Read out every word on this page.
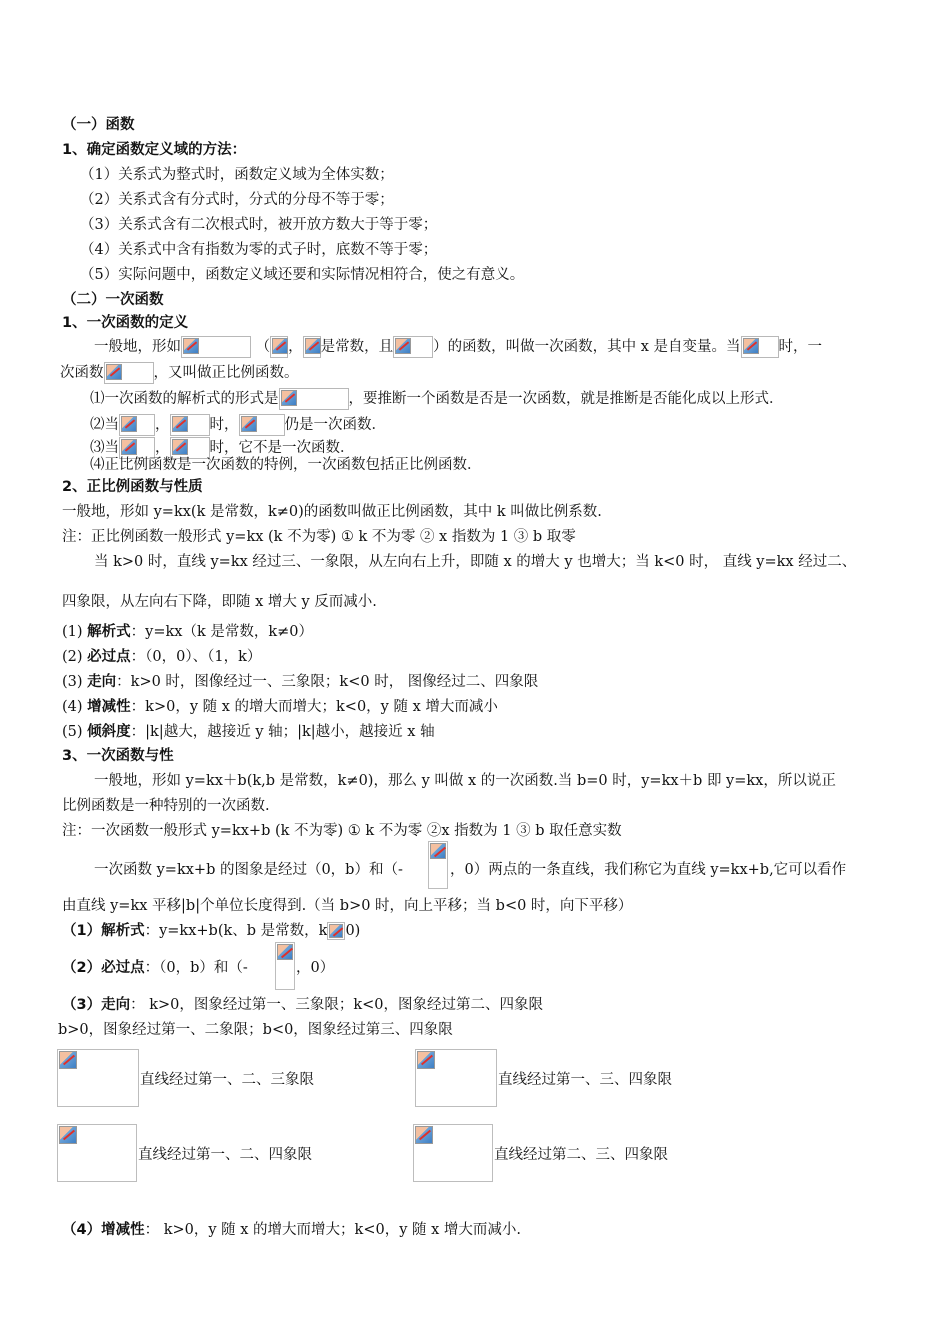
（一）函数
1、确定函数定义域的方法：
（1）关系式为整式时，函数定义域为全体实数；
（2）关系式含有分式时，分式的分母不等于零；
（3）关系式含有二次根式时，被开放方数大于等于零；
（4）关系式中含有指数为零的式子时，底数不等于零；
（5）实际问题中，函数定义域还要和实际情况相符合，使之有意义。
（二）一次函数
1、一次函数的定义
一般地，形如	（ ， 是常数，且	）的函数，叫做一次函数，其中 x 是自变量。当	时，一
次函数	，又叫做正比例函数。
⑴一次函数的解析式的形式是	，要推断一个函数是否是一次函数，就是推断是否能化成以上形式．
⑵当 ，	时，	仍是一次函数．
⑶当 ，	时，它不是一次函数．
⑷正比例函数是一次函数的特例，一次函数包括正比例函数．
2、正比例函数与性质
一般地，形如 y=kx(k 是常数，k≠0)的函数叫做正比例函数，其中 k 叫做比例系数.
注：正比例函数一般形式 y=kx (k 不为零) ① k 不为零 ② x 指数为 1 ③ b 取零
当 k>0 时，直线 y=kx 经过三、一象限，从左向右上升，即随 x 的增大 y 也增大；当 k<0 时， 直线 y=kx 经过二、
四象限，从左向右下降，即随 x 增大 y 反而减小.
(1) 解析式：y=kx（k 是常数，k≠0）
(2) 必过点：（0，0）、（1，k）
(3) 走向：k>0 时，图像经过一、三象限；k<0 时， 图像经过二、四象限
(4) 增减性：k>0，y 随 x 的增大而增大；k<0，y 随 x 增大而减小
(5) 倾斜度：|k|越大，越接近 y 轴；|k|越小，越接近 x 轴
3、一次函数与性
一般地，形如 y=kx＋b(k,b 是常数，k≠0)，那么 y 叫做 x 的一次函数.当 b=0 时，y=kx＋b 即 y=kx，所以说正
比例函数是一种特别的一次函数.
注：一次函数一般形式 y=kx+b (k 不为零) ① k 不为零 ②x 指数为 1 ③ b 取任意实数
一次函数 y=kx+b 的图象是经过（0，b）和（-	，0）两点的一条直线，我们称它为直线 y=kx+b,它可以看作
由直线 y=kx 平移|b|个单位长度得到.（当 b>0 时，向上平移；当 b<0 时，向下平移）
（1）解析式：y=kx+b(k、b 是常数，k 0)
（2）必过点：（0，b）和（-	，0）
（3）走向： k>0，图象经过第一、三象限；k<0，图象经过第二、四象限
b>0，图象经过第一、二象限；b<0，图象经过第三、四象限
直线经过第一、二、三象限	直线经过第一、三、四象限
直线经过第一、二、四象限	直线经过第二、三、四象限
（4）增减性： k>0，y 随 x 的增大而增大；k<0，y 随 x 增大而减小.
